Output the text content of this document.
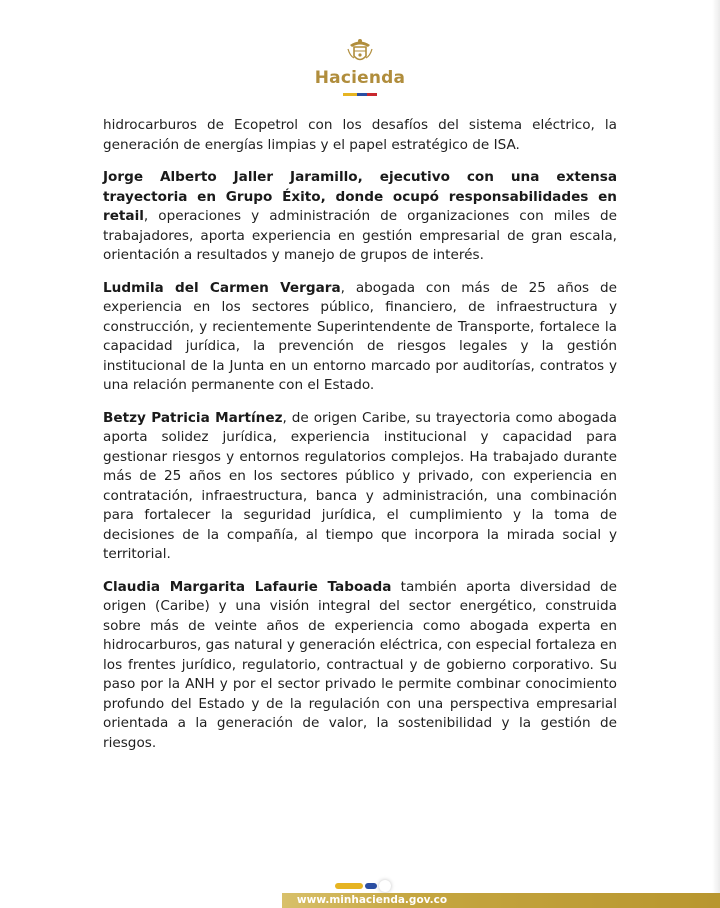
Hacienda

hidrocarburos de Ecopetrol con los desafíos del sistema eléctrico, la generación de energías limpias y el papel estratégico de ISA.

Jorge Alberto Jaller Jaramillo, ejecutivo con una extensa trayectoria en Grupo Éxito, donde ocupó responsabilidades en retail, operaciones y administración de organizaciones con miles de trabajadores, aporta experiencia en gestión empresarial de gran escala, orientación a resultados y manejo de grupos de interés.

Ludmila del Carmen Vergara, abogada con más de 25 años de experiencia en los sectores público, financiero, de infraestructura y construcción, y recientemente Superintendente de Transporte, fortalece la capacidad jurídica, la prevención de riesgos legales y la gestión institucional de la Junta en un entorno marcado por auditorías, contratos y una relación permanente con el Estado.

Betzy Patricia Martínez, de origen Caribe, su trayectoria como abogada aporta solidez jurídica, experiencia institucional y capacidad para gestionar riesgos y entornos regulatorios complejos. Ha trabajado durante más de 25 años en los sectores público y privado, con experiencia en contratación, infraestructura, banca y administración, una combinación para fortalecer la seguridad jurídica, el cumplimiento y la toma de decisiones de la compañía, al tiempo que incorpora la mirada social y territorial.

Claudia Margarita Lafaurie Taboada también aporta diversidad de origen (Caribe) y una visión integral del sector energético, construida sobre más de veinte años de experiencia como abogada experta en hidrocarburos, gas natural y generación eléctrica, con especial fortaleza en los frentes jurídico, regulatorio, contractual y de gobierno corporativo. Su paso por la ANH y por el sector privado le permite combinar conocimiento profundo del Estado y de la regulación con una perspectiva empresarial orientada a la generación de valor, la sostenibilidad y la gestión de riesgos.

www.minhacienda.gov.co
